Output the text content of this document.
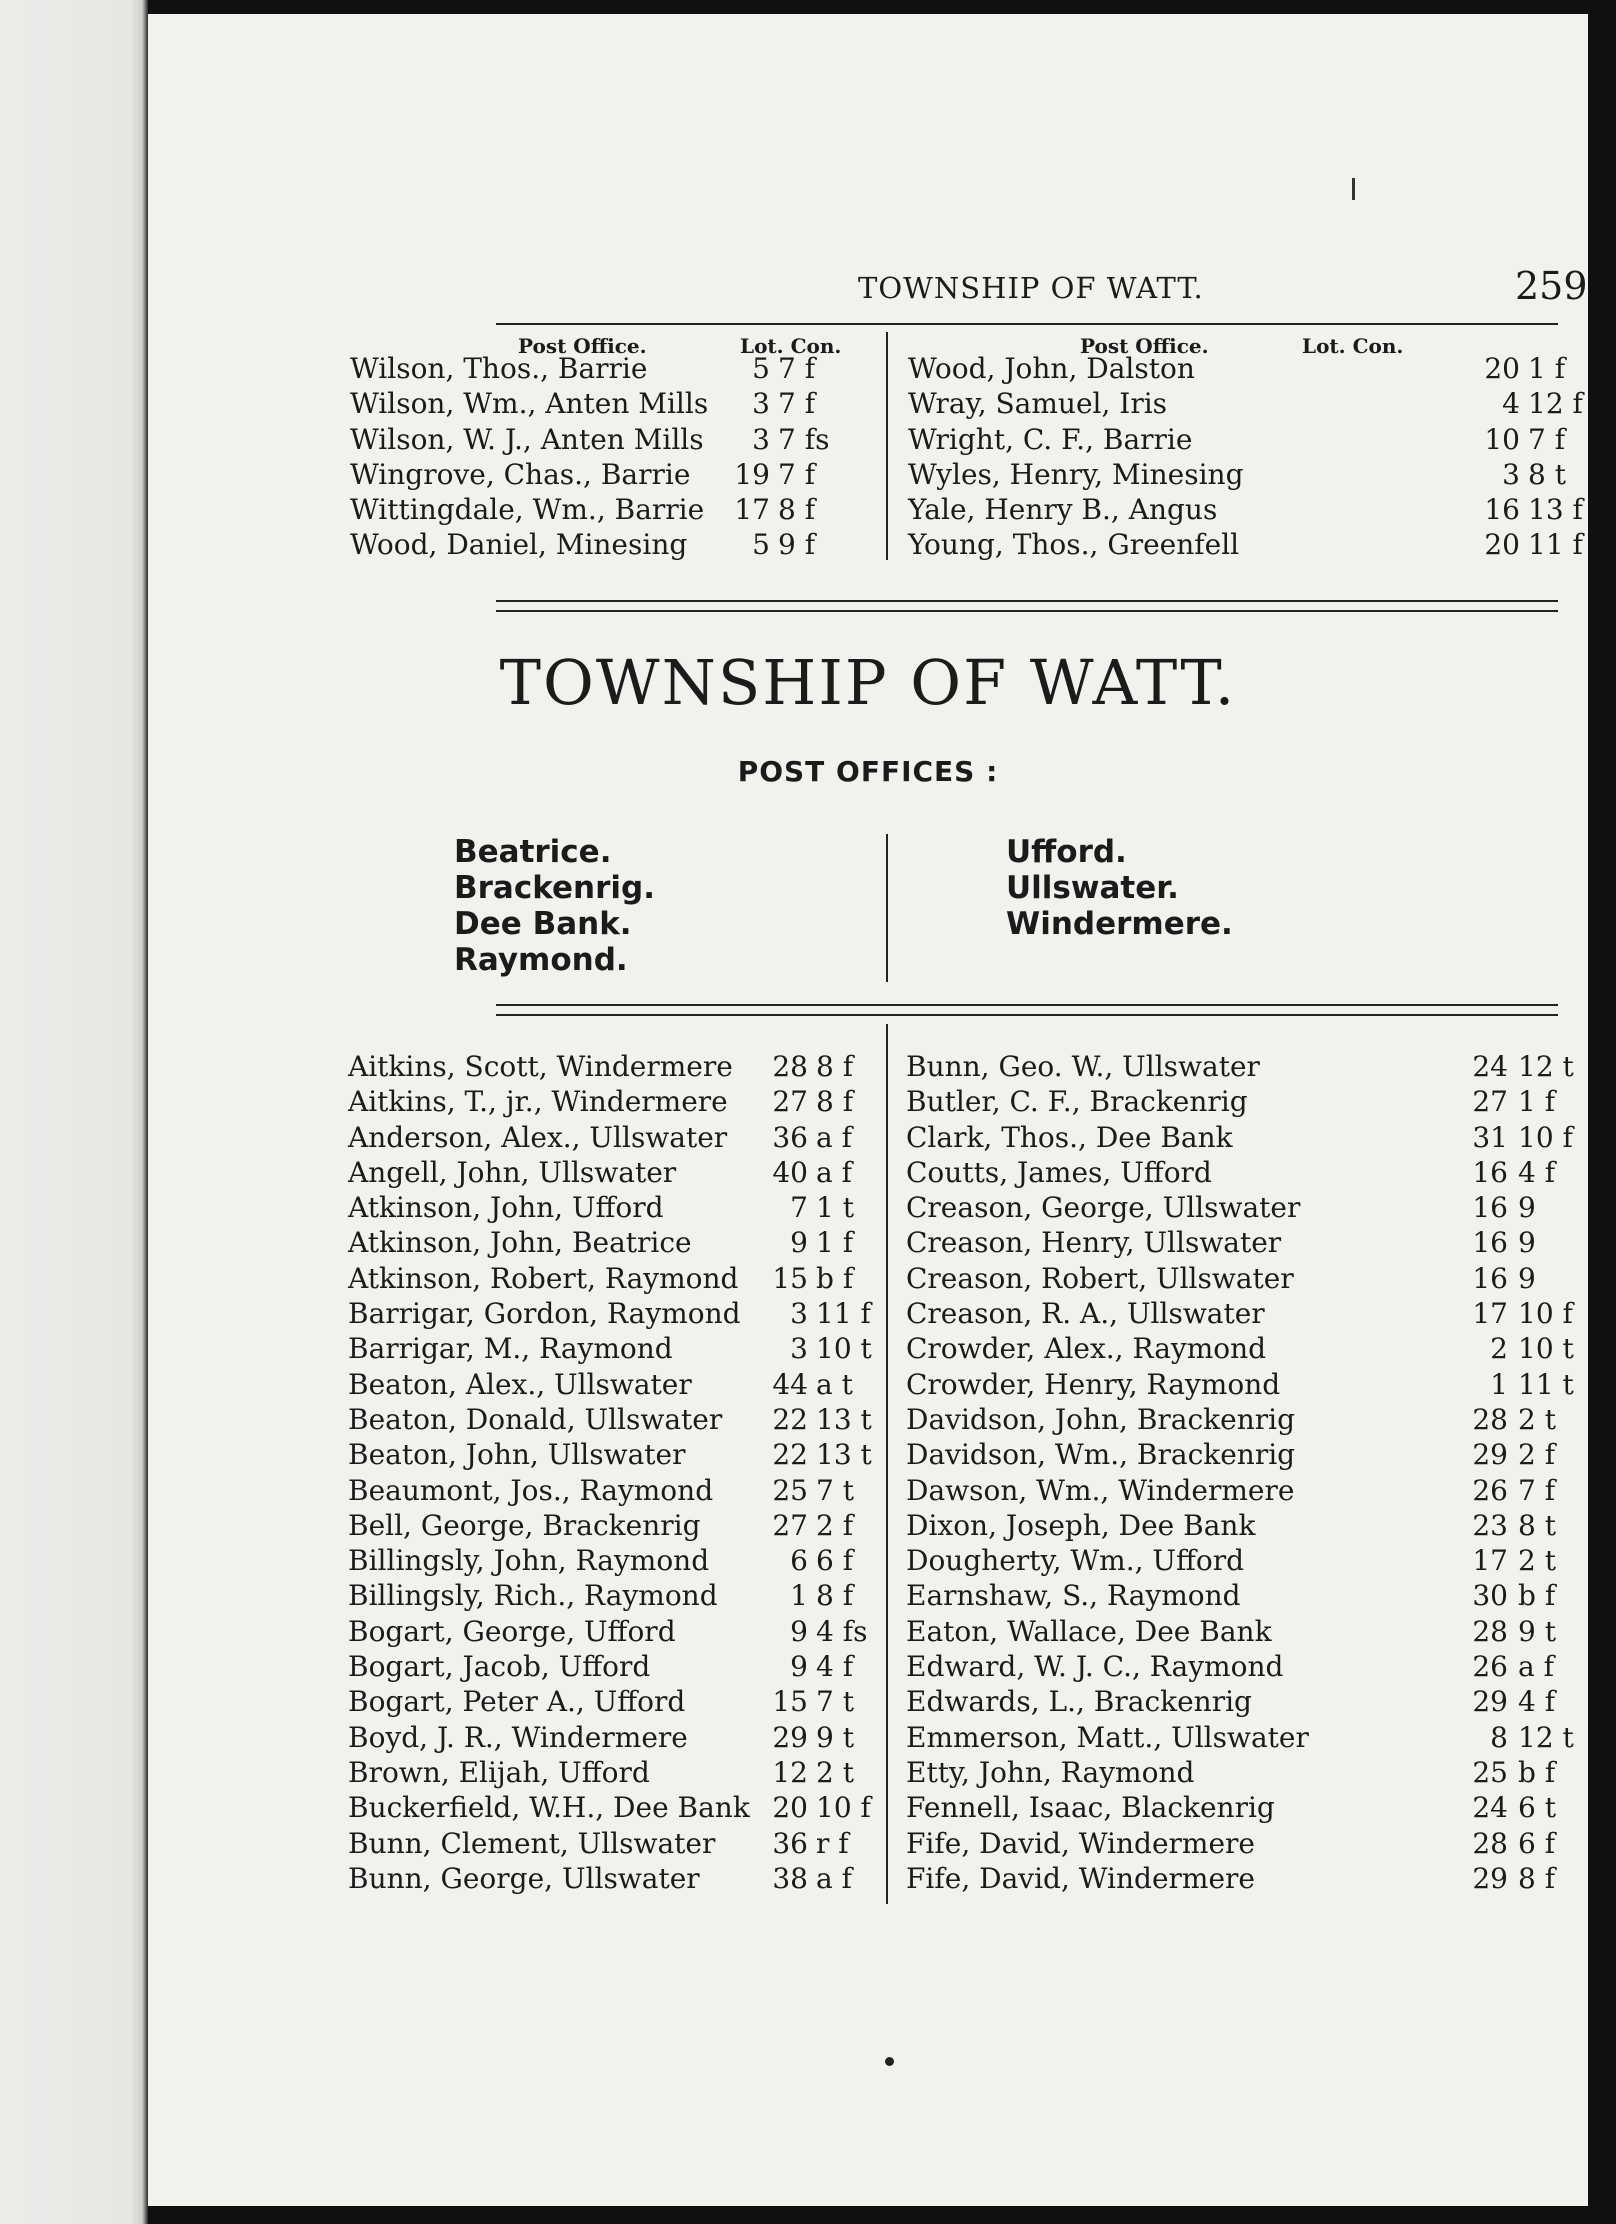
TOWNSHIP OF WATT.	259
Post Office.	Lot. Con.	Post Office.	Lot. Con.
Wilson, Thos., Barrie	5 7 f
Wilson, Wm., Anten Mills	3 7 f
Wilson, W. J., Anten Mills	3 7 fs
Wingrove, Chas., Barrie	19 7 f
Wittingdale, Wm., Barrie	17 8 f
Wood, Daniel, Minesing	5 9 f
Wood, John, Dalston	20 1 f
Wray, Samuel, Iris	4 12 f
Wright, C. F., Barrie	10 7 f
Wyles, Henry, Minesing	3 8 t
Yale, Henry B., Angus	16 13 f
Young, Thos., Greenfell	20 11 f
TOWNSHIP OF WATT.
POST OFFICES :
Beatrice.
Brackenrig.
Dee Bank.
Raymond.
Ufford.
Ullswater.
Windermere.
Aitkins, Scott, Windermere	28 8 f
Aitkins, T., jr., Windermere	27 8 f
Anderson, Alex., Ullswater	36 a f
Angell, John, Ullswater	40 a f
Atkinson, John, Ufford	7 1 t
Atkinson, John, Beatrice	9 1 f
Atkinson, Robert, Raymond	15 b f
Barrigar, Gordon, Raymond	3 11 f
Barrigar, M., Raymond	3 10 t
Beaton, Alex., Ullswater	44 a t
Beaton, Donald, Ullswater	22 13 t
Beaton, John, Ullswater	22 13 t
Beaumont, Jos., Raymond	25 7 t
Bell, George, Brackenrig	27 2 f
Billingsly, John, Raymond	6 6 f
Billingsly, Rich., Raymond	1 8 f
Bogart, George, Ufford	9 4 fs
Bogart, Jacob, Ufford	9 4 f
Bogart, Peter A., Ufford	15 7 t
Boyd, J. R., Windermere	29 9 t
Brown, Elijah, Ufford	12 2 t
Buckerfield, W.H., Dee Bank 20 10 f
Bunn, Clement, Ullswater	36 r f
Bunn, George, Ullswater	38 a f
Bunn, Geo. W., Ullswater	24 12 t
Butler, C. F., Brackenrig	27 1 f
Clark, Thos., Dee Bank	31 10 f
Coutts, James, Ufford	16 4 f
Creason, George, Ullswater	16 9
Creason, Henry, Ullswater	16 9
Creason, Robert, Ullswater	16 9
Creason, R. A., Ullswater	17 10 f
Crowder, Alex., Raymond	2 10 t
Crowder, Henry, Raymond	1 11 t
Davidson, John, Brackenrig	28 2 t
Davidson, Wm., Brackenrig	29 2 f
Dawson, Wm., Windermere	26 7 f
Dixon, Joseph, Dee Bank	23 8 t
Dougherty, Wm., Ufford	17 2 t
Earnshaw, S., Raymond	30 b f
Eaton, Wallace, Dee Bank	28 9 t
Edward, W. J. C., Raymond	26 a f
Edwards, L., Brackenrig	29 4 f
Emmerson, Matt., Ullswater	8 12 t
Etty, John, Raymond	25 b f
Fennell, Isaac, Blackenrig	24 6 t
Fife, David, Windermere	28 6 f
Fife, David, Windermere	29 8 f
